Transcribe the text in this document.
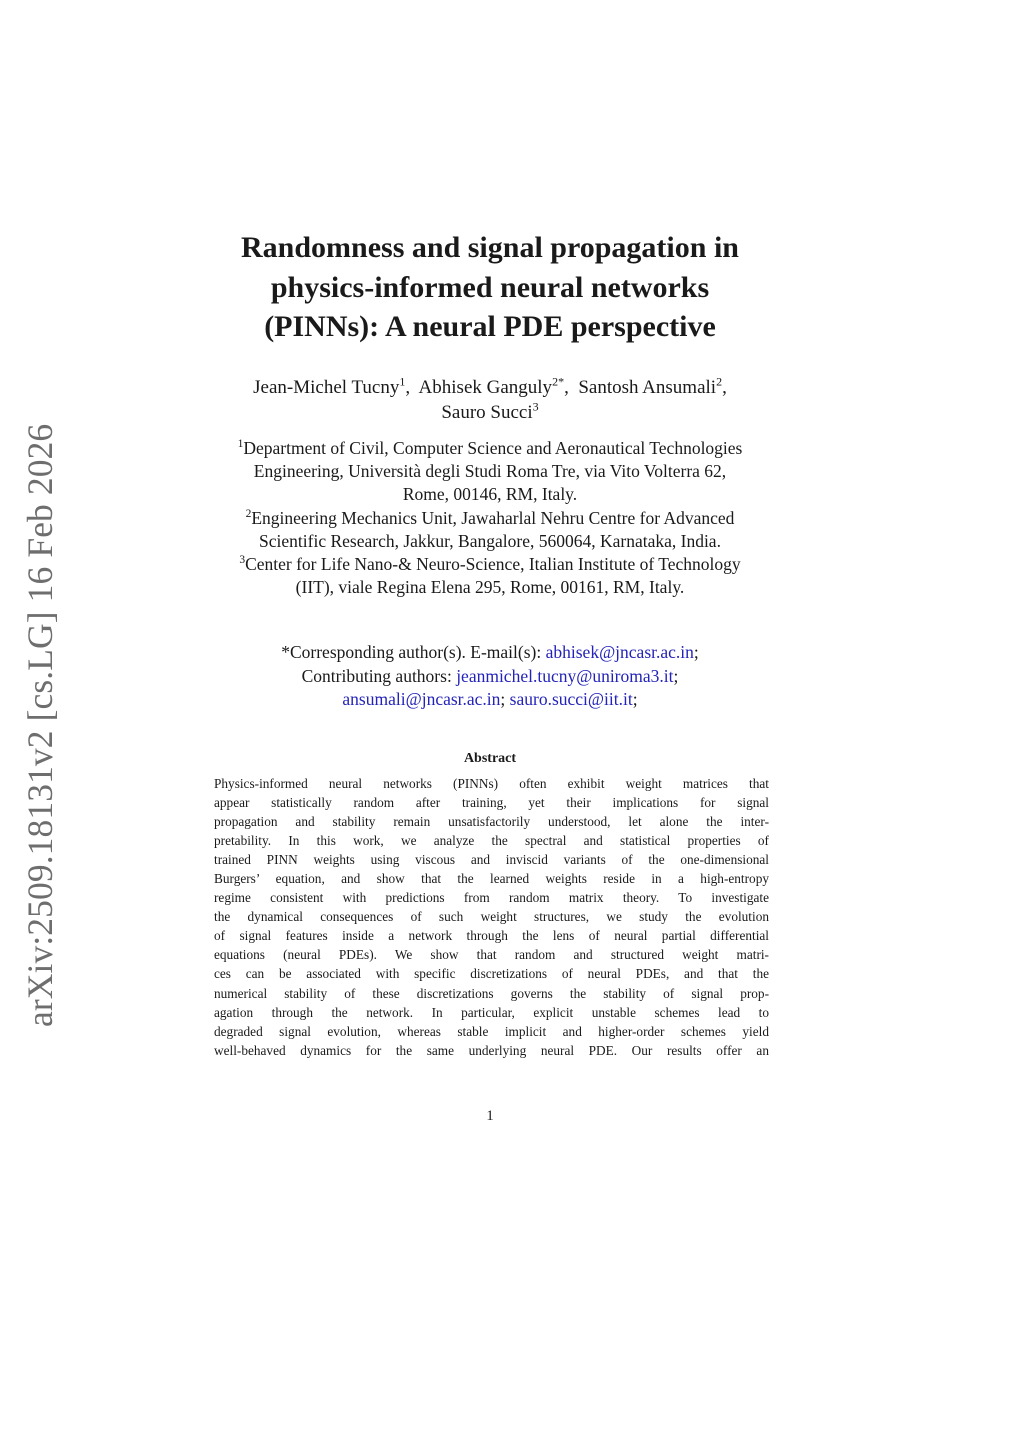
arXiv:2509.18131v2 [cs.LG] 16 Feb 2026
Randomness and signal propagation in
physics-informed neural networks
(PINNs): A neural PDE perspective
Jean-Michel Tucny$^1$,  Abhisek Ganguly$^{2*}$,  Santosh Ansumali$^2$,
Sauro Succi$^3$
$^1$Department of Civil, Computer Science and Aeronautical Technologies
Engineering, Università degli Studi Roma Tre, via Vito Volterra 62,
Rome, 00146, RM, Italy.
$^2$Engineering Mechanics Unit, Jawaharlal Nehru Centre for Advanced
Scientific Research, Jakkur, Bangalore, 560064, Karnataka, India.
$^3$Center for Life Nano-& Neuro-Science, Italian Institute of Technology
(IIT), viale Regina Elena 295, Rome, 00161, RM, Italy.
*Corresponding author(s). E-mail(s): abhisek@jncasr.ac.in;
Contributing authors: jeanmichel.tucny@uniroma3.it;
ansumali@jncasr.ac.in; sauro.succi@iit.it;
Abstract
Physics-informed neural networks (PINNs) often exhibit weight matrices that
appear statistically random after training, yet their implications for signal
propagation and stability remain unsatisfactorily understood, let alone the inter-
pretability. In this work, we analyze the spectral and statistical properties of
trained PINN weights using viscous and inviscid variants of the one-dimensional
Burgers’ equation, and show that the learned weights reside in a high-entropy
regime consistent with predictions from random matrix theory. To investigate
the dynamical consequences of such weight structures, we study the evolution
of signal features inside a network through the lens of neural partial differential
equations (neural PDEs). We show that random and structured weight matri-
ces can be associated with specific discretizations of neural PDEs, and that the
numerical stability of these discretizations governs the stability of signal prop-
agation through the network. In particular, explicit unstable schemes lead to
degraded signal evolution, whereas stable implicit and higher-order schemes yield
well-behaved dynamics for the same underlying neural PDE. Our results offer an
1
